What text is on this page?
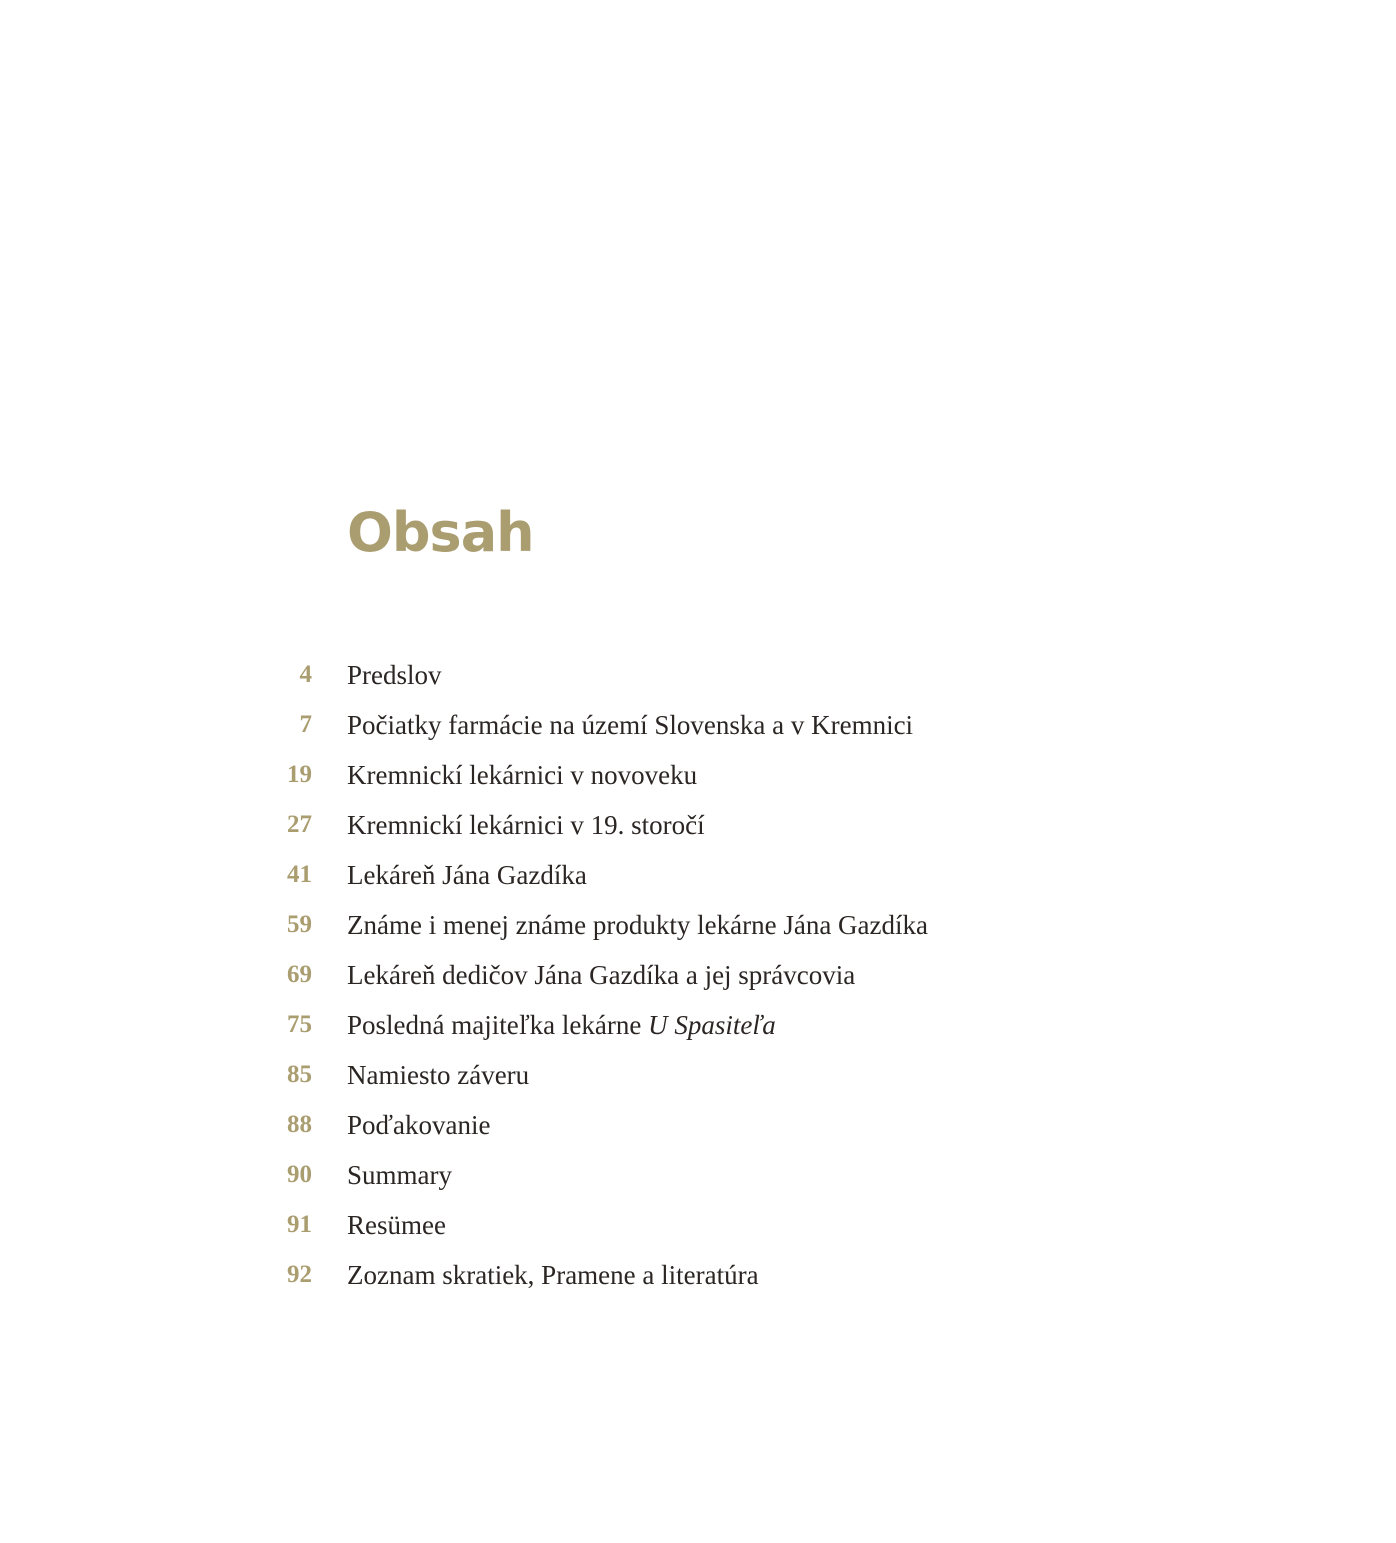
Obsah
4 Predslov
7 Počiatky farmácie na území Slovenska a v Kremnici
19 Kremnickí lekárnici v novoveku
27 Kremnickí lekárnici v 19. storočí
41 Lekáreň Jána Gazdíka
59 Známe i menej známe produkty lekárne Jána Gazdíka
69 Lekáreň dedičov Jána Gazdíka a jej správcovia
75 Posledná majiteľka lekárne U Spasiteľa
85 Namiesto záveru
88 Poďakovanie
90 Summary
91 Resümee
92 Zoznam skratiek, Pramene a literatúra
